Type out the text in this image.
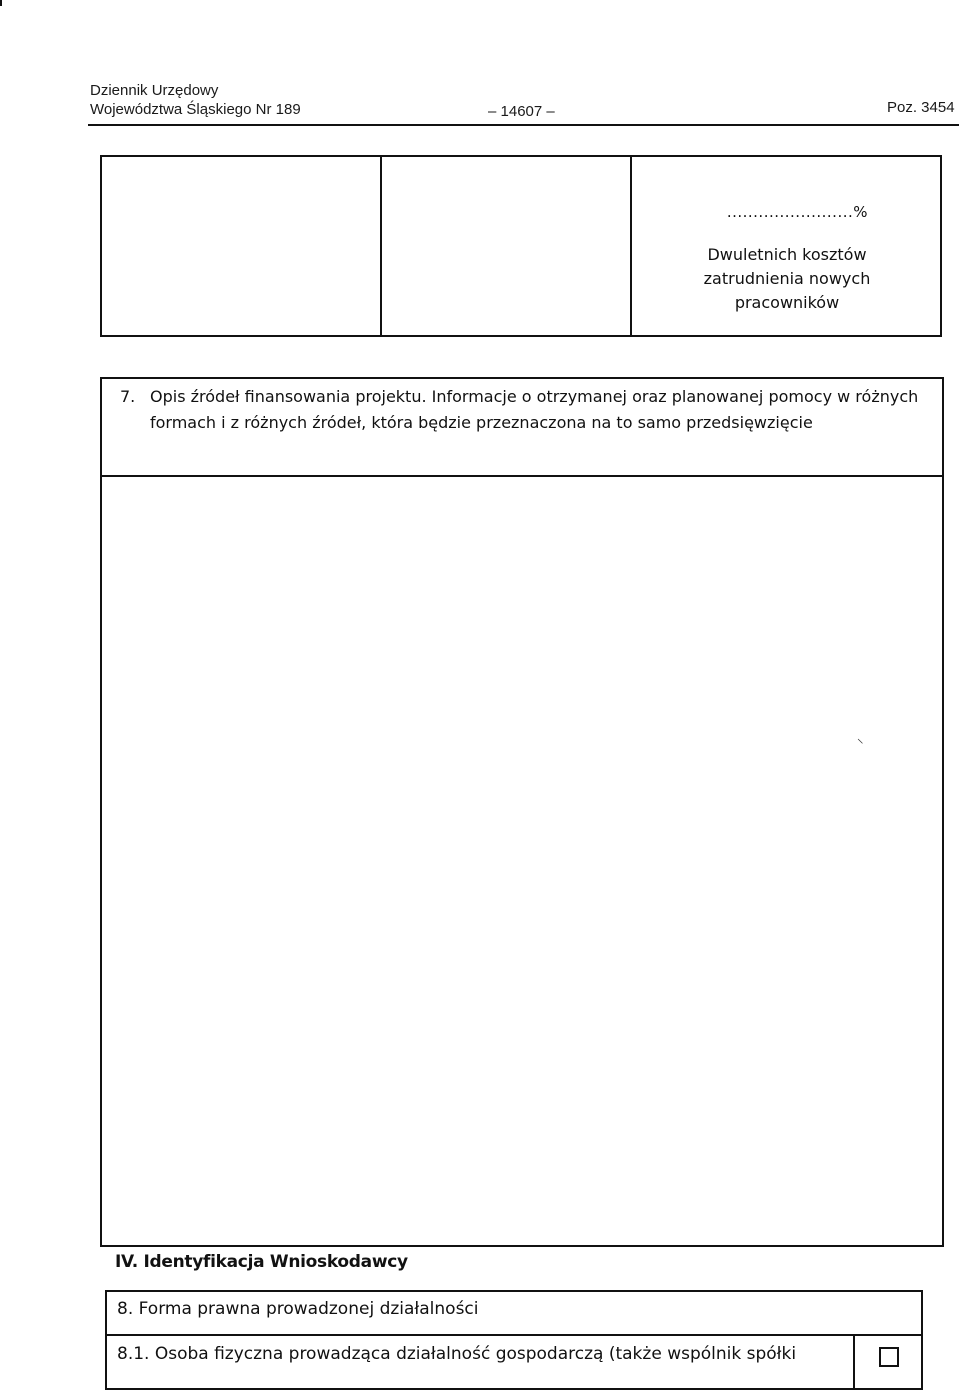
Dziennik Urzędowy
Województwa Śląskiego Nr 189	– 14607 –	Poz. 3454
........................%
Dwuletnich kosztów
zatrudnienia nowych
pracowników
7. Opis źródeł finansowania projektu. Informacje o otrzymanej oraz planowanej pomocy w różnych formach i z różnych źródeł, która będzie przeznaczona na to samo przedsięwzięcie
⸌
IV. Identyfikacja Wnioskodawcy
8. Forma prawna prowadzonej działalności
8.1. Osoba fizyczna prowadząca działalność gospodarczą (także wspólnik spółki
